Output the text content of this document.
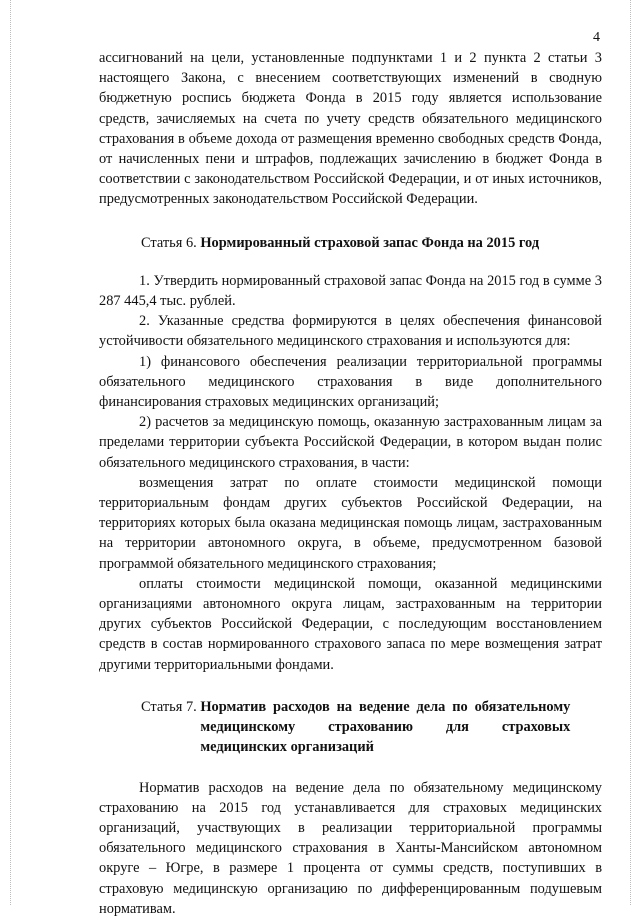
4

ассигнований на цели, установленные подпунктами 1 и 2 пункта 2 статьи 3 настоящего Закона, с внесением соответствующих изменений в сводную бюджетную роспись бюджета Фонда в 2015 году является использование средств, зачисляемых на счета по учету средств обязательного медицинского страхования в объеме дохода от размещения временно свободных средств Фонда, от начисленных пени и штрафов, подлежащих зачислению в бюджет Фонда в соответствии с законодательством Российской Федерации, и от иных источников, предусмотренных законодательством Российской Федерации.

Статья 6. Нормированный страховой запас Фонда на 2015 год

1. Утвердить нормированный страховой запас Фонда на 2015 год в сумме 3 287 445,4 тыс. рублей.

2. Указанные средства формируются в целях обеспечения финансовой устойчивости обязательного медицинского страхования и используются для:

1) финансового обеспечения реализации территориальной программы обязательного медицинского страхования в виде дополнительного финансирования страховых медицинских организаций;

2) расчетов за медицинскую помощь, оказанную застрахованным лицам за пределами территории субъекта Российской Федерации, в котором выдан полис обязательного медицинского страхования, в части:

возмещения затрат по оплате стоимости медицинской помощи территориальным фондам других субъектов Российской Федерации, на территориях которых была оказана медицинская помощь лицам, застрахованным на территории автономного округа, в объеме, предусмотренном базовой программой обязательного медицинского страхования;

оплаты стоимости медицинской помощи, оказанной медицинскими организациями автономного округа лицам, застрахованным на территории других субъектов Российской Федерации, с последующим восстановлением средств в состав нормированного страхового запаса по мере возмещения затрат другими территориальными фондами.

Статья 7. Норматив расходов на ведение дела по обязательному медицинскому страхованию для страховых медицинских организаций

Норматив расходов на ведение дела по обязательному медицинскому страхованию на 2015 год устанавливается для страховых медицинских организаций, участвующих в реализации территориальной программы обязательного медицинского страхования в Ханты-Мансийском автономном округе – Югре, в размере 1 процента от суммы средств, поступивших в страховую медицинскую организацию по дифференцированным подушевым нормативам.
